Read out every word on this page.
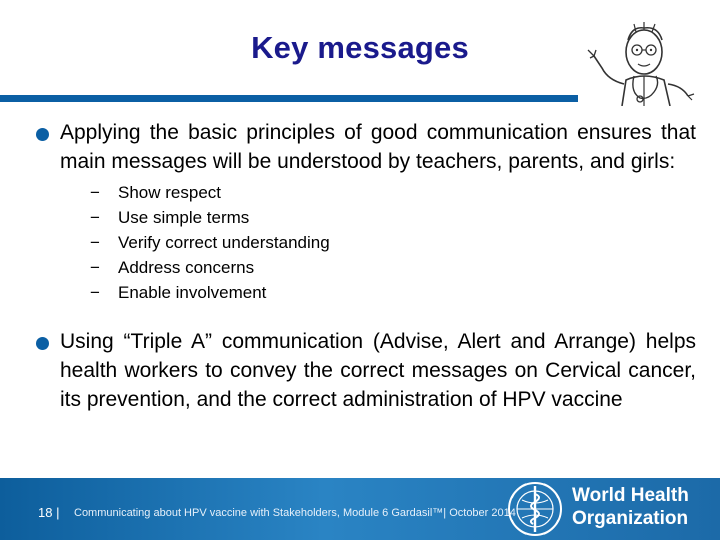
Key messages
Applying the basic principles of good communication ensures that main messages will be understood by teachers, parents, and girls:
− Show respect
− Use simple terms
− Verify correct understanding
− Address concerns
− Enable involvement
Using “Triple A” communication (Advise, Alert and Arrange) helps health workers to convey the correct messages on Cervical cancer, its prevention, and the correct administration of HPV vaccine
18 | Communicating about HPV vaccine with Stakeholders, Module 6 Gardasil™| October 2014
World Health
Organization
